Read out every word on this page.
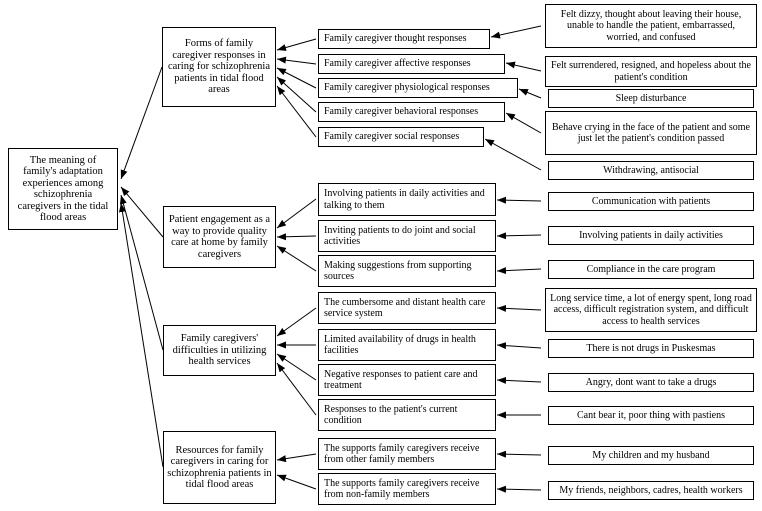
The meaning of family's adaptation experiences among schizophrenia caregivers in the tidal flood areas
Forms of family caregiver responses in caring for schizophrenia patients in tidal flood areas
Patient engagement as a way to provide quality care at home by family caregivers
Family caregivers' difficulties in utilizing health services
Resources for family caregivers in caring for schizophrenia patients in tidal flood areas
Family caregiver thought responses
Family caregiver affective responses
Family caregiver physiological responses
Family caregiver behavioral responses
Family caregiver social responses
Involving patients in daily activities and talking to them
Inviting patients to do joint and social activities
Making suggestions from supporting sources
The cumbersome and distant health care service system
Limited availability of drugs in health facilities
Negative responses to patient care and treatment
Responses to the patient's current condition
The supports family caregivers receive from other family members
The supports family caregivers receive from non-family members
Felt dizzy, thought about leaving their house, unable to handle the patient, embarrassed, worried, and confused
Felt surrendered, resigned, and hopeless about the patient's condition
Sleep disturbance
Behave crying in the face of the patient and some just let the patient's condition passed
Withdrawing, antisocial
Communication with patients
Involving patients in daily activities
Compliance in the care program
Long service time, a lot of energy spent, long road access, difficult registration system, and difficult access to health services
There is not drugs in Puskesmas
Angry, dont want to take a drugs
Cant bear it, poor thing with pastiens
My children and my husband
My friends, neighbors, cadres, health workers
